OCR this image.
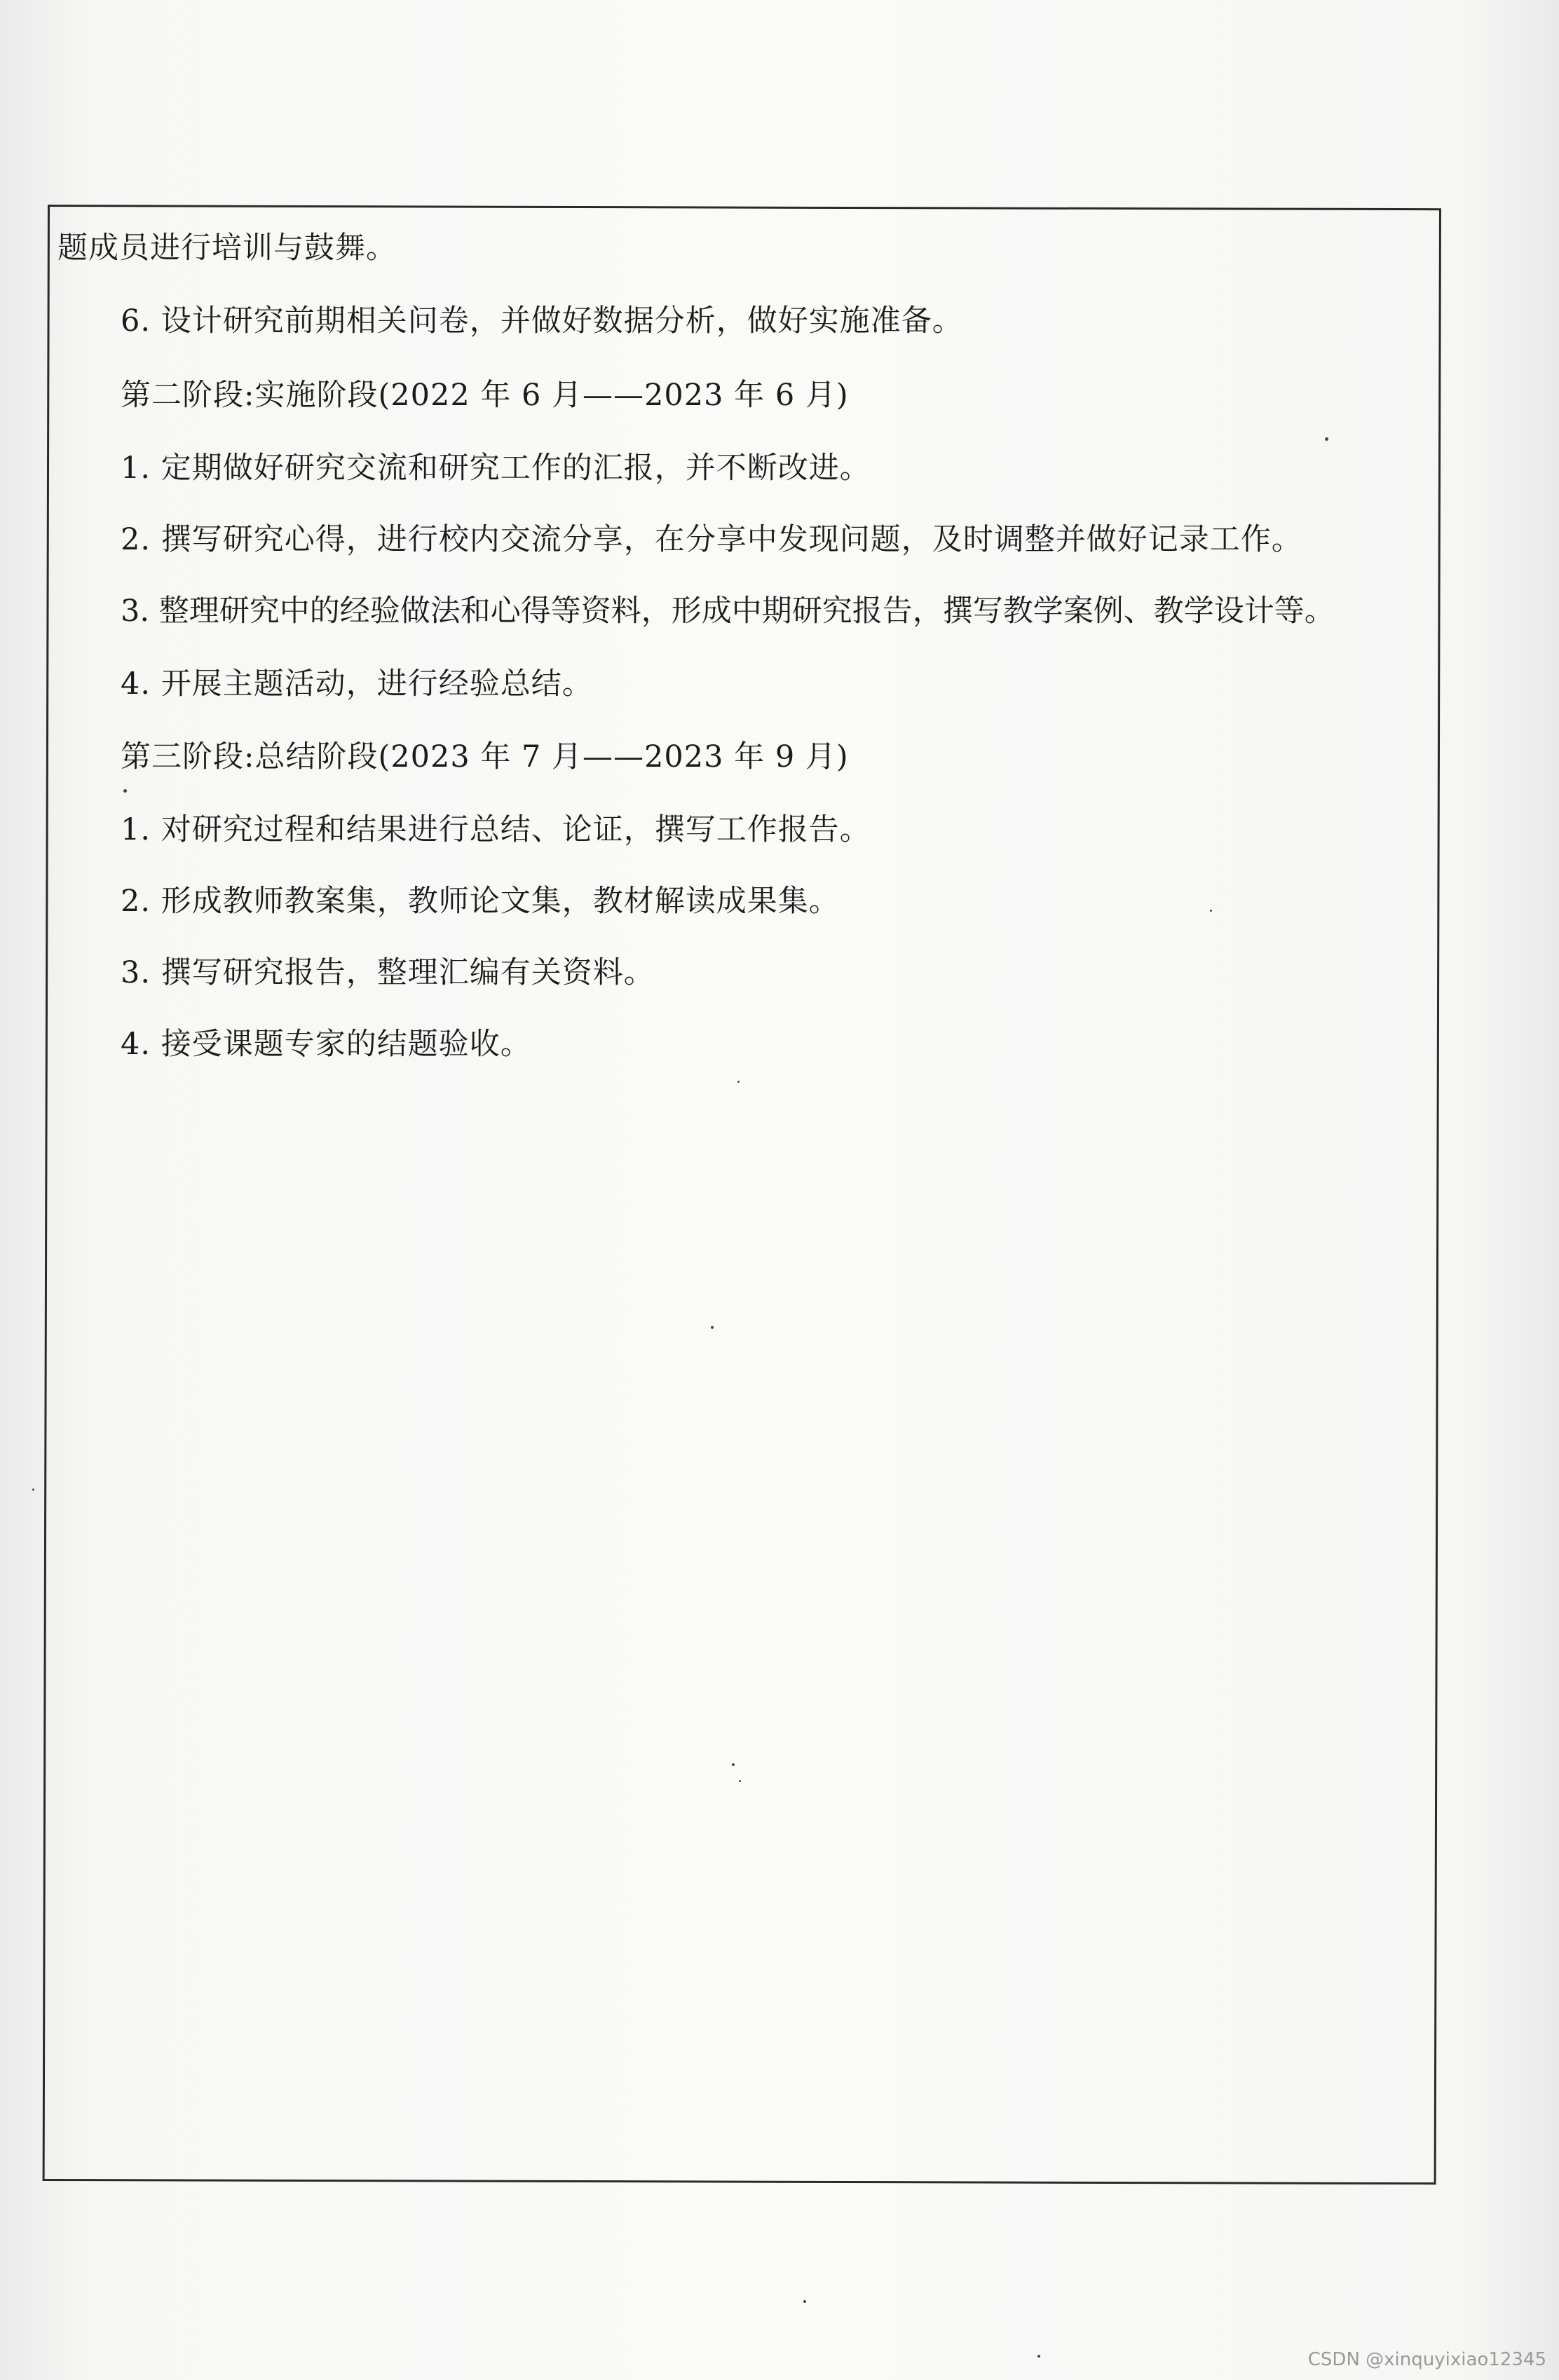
题成员进行培训与鼓舞。
6. 设计研究前期相关问卷，并做好数据分析，做好实施准备。
第二阶段:实施阶段(2022 年 6 月——2023 年 6 月)
1. 定期做好研究交流和研究工作的汇报，并不断改进。
2. 撰写研究心得，进行校内交流分享，在分享中发现问题，及时调整并做好记录工作。
3. 整理研究中的经验做法和心得等资料，形成中期研究报告，撰写教学案例、教学设计等。
4. 开展主题活动，进行经验总结。
第三阶段:总结阶段(2023 年 7 月——2023 年 9 月)
1. 对研究过程和结果进行总结、论证，撰写工作报告。
2. 形成教师教案集，教师论文集，教材解读成果集。
3. 撰写研究报告，整理汇编有关资料。
4. 接受课题专家的结题验收。
CSDN @xinquyixiao12345
